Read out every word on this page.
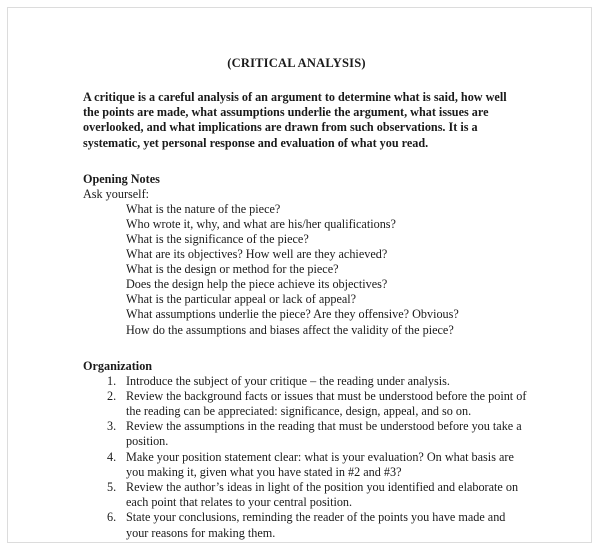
(CRITICAL ANALYSIS)

A critique is a careful analysis of an argument to determine what is said, how well the points are made, what assumptions underlie the argument, what issues are overlooked, and what implications are drawn from such observations. It is a systematic, yet personal response and evaluation of what you read.

Opening Notes
Ask yourself:
What is the nature of the piece?
Who wrote it, why, and what are his/her qualifications?
What is the significance of the piece?
What are its objectives? How well are they achieved?
What is the design or method for the piece?
Does the design help the piece achieve its objectives?
What is the particular appeal or lack of appeal?
What assumptions underlie the piece? Are they offensive? Obvious?
How do the assumptions and biases affect the validity of the piece?
Organization
1. Introduce the subject of your critique – the reading under analysis.
2. Review the background facts or issues that must be understood before the point of the reading can be appreciated: significance, design, appeal, and so on.
3. Review the assumptions in the reading that must be understood before you take a position.
4. Make your position statement clear: what is your evaluation? On what basis are you making it, given what you have stated in #2 and #3?
5. Review the author’s ideas in light of the position you identified and elaborate on each point that relates to your central position.
6. State your conclusions, reminding the reader of the points you have made and your reasons for making them.
